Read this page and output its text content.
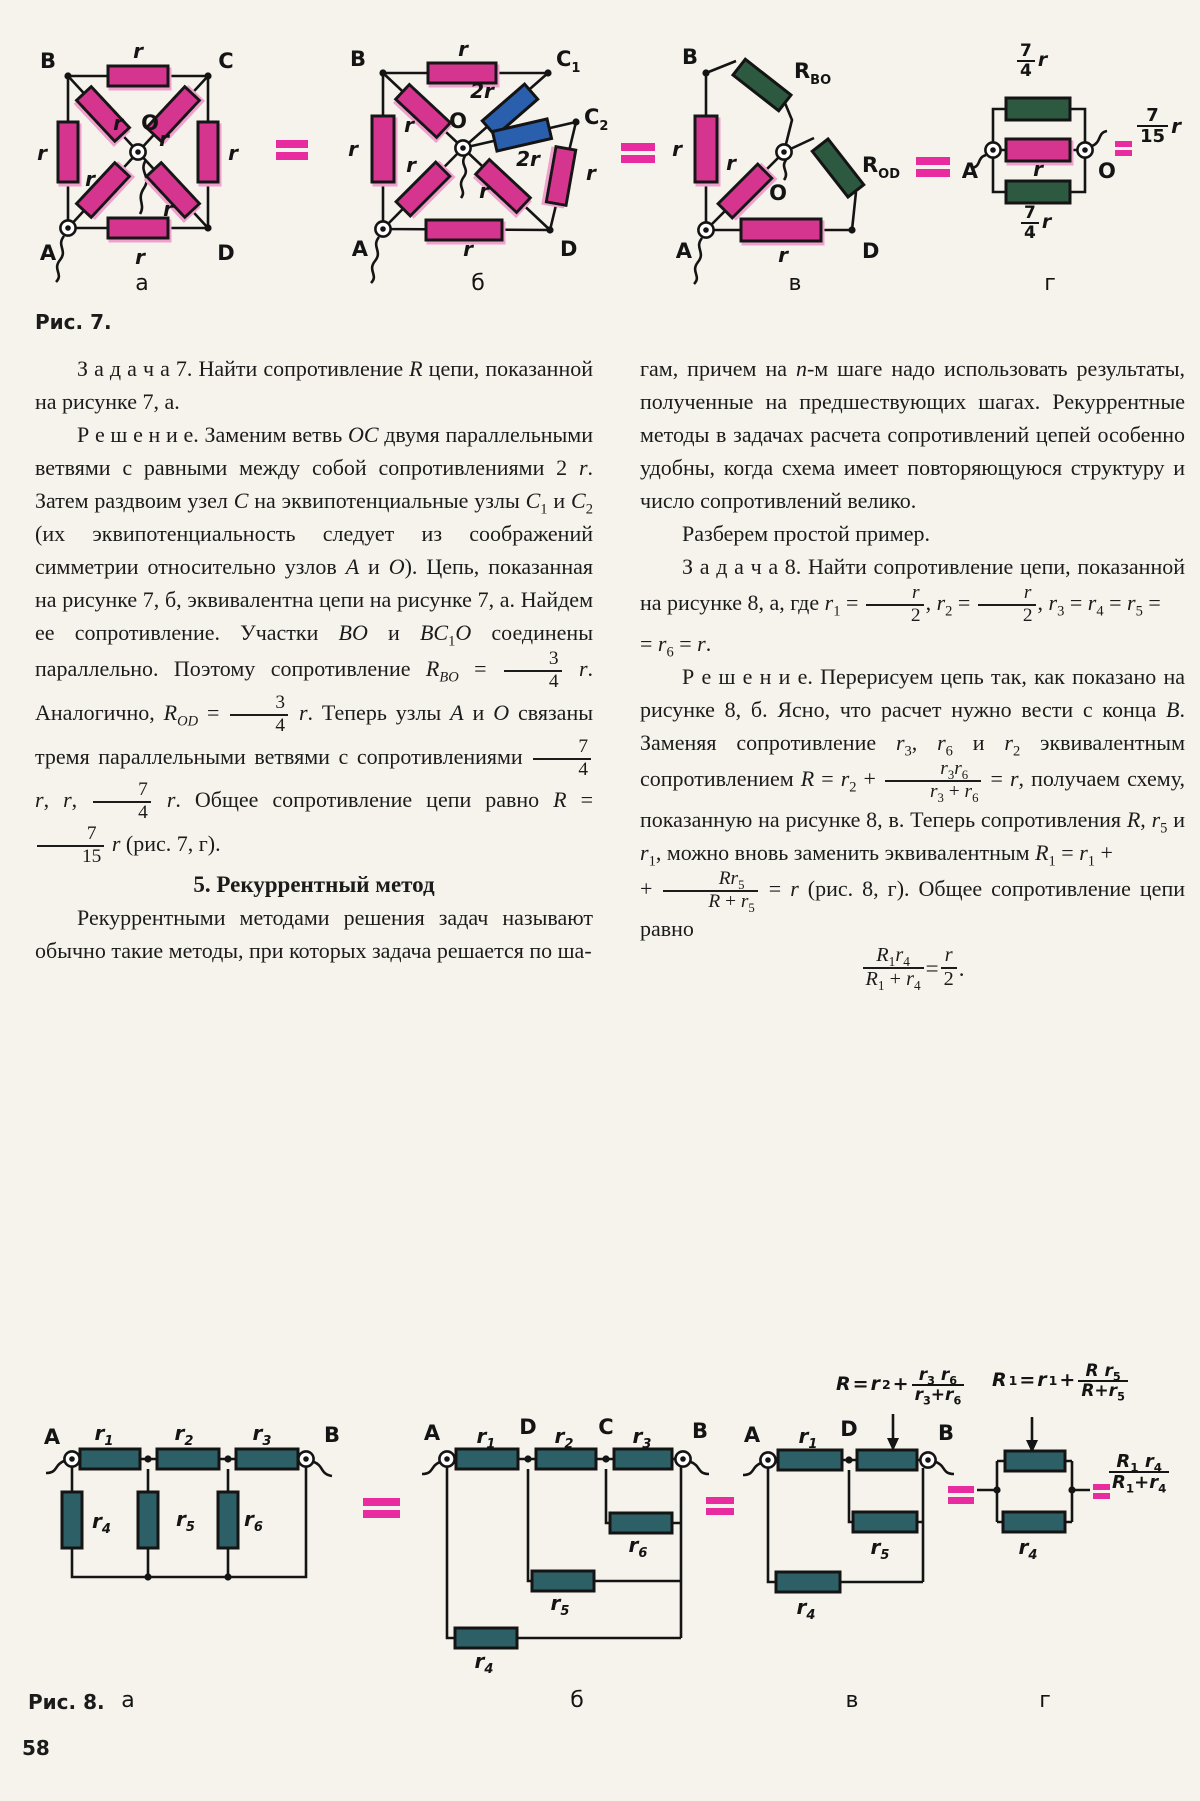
B	C
A	D
O
r
r	r
r
r
r
r
r
B	$C_1$
$C_2$
A	D
O
r
r
r
r
r
r
2r
2r
r
B
A	D
O
$R_{BO}$
$R_{OD}$
r
r
r
A	O
r
а	б	в	г
$\frac{7}{4}$ r
$\frac{7}{4}$ r
$\frac{7}{15}$ r
Рис. 7.

З а д а ч а 7. Найти сопротивление R цепи, показанной на рисунке 7, а.

Р е ш е н и е. Заменим ветвь OC двумя параллельными ветвями с равными между собой сопротивлениями 2 r. Затем раздвоим узел C на эквипотенциальные узлы $C_1$ и $C_2$ (их эквипотенциальность следует из соображений симметрии относительно узлов A и O). Цепь, показанная на рисунке 7, б, эквивалентна цепи на рисунке 7, а. Найдем ее сопротивление. Участки BO и $BC_1O$ соединены параллельно. Поэтому сопротивление $R_{BO} = \frac{3}{4} r$. Аналогично, $R_{OD} = \frac{3}{4} r$. Теперь узлы A и O связаны тремя параллельными ветвями с сопротивлениями $\frac{7}{4}$
r, r, $\frac{7}{4} r$. Общее сопротивление цепи равно R =
$\frac{7}{15}$ r (рис. 7, г).

5. Рекуррентный метод

Рекуррентными методами решения задач называют обычно такие методы, при которых задача решается по ша-

гам, причем на n-м шаге надо использовать результаты, полученные на предшествующих шагах. Рекуррентные методы в задачах расчета сопротивлений цепей особенно удобны, когда схема имеет повторяющуюся структуру и число сопротивлений велико.

Разберем простой пример.

З а д а ч а 8. Найти сопротивление цепи, показанной на рисунке 8, а, где $r_1 = \frac{r}{2}$ , $r_2 = \frac{r}{2}$ , $r_3 = r_4 = r_5$ =
= $r_6 = r$.

Р е ш е н и е. Перерисуем цепь так, как показано на рисунке 8, б. Ясно, что расчет нужно вести с конца B. Заменяя сопротивление $r_3$, $r_6$ и $r_2$ эквивалентным сопротивлением $R = r_2 + \frac{r_3r_6}{r_3 + r_6} = r$, получаем схему, показанную на рисунке 8, в. Теперь сопротивления R, $r_5$ и $r_1$, можно вновь заменить эквивалентным $R_1 = r_1$ +
+ $\frac{Rr_5}{R + r_5} = r$ (рис. 8, г). Общее сопротивление цепи равно

$\frac{R_1r_4}{R_1 + r_4} = \frac{r}{2}$ .

A	B
$r_1$	$r_2$	$r_3$
$r_4$	$r_5$ $r_6$
A	D	C	B
$r_1$	$r_2$	$r_3$
$r_6$
$r_5$
$r_4$
A	D	B
$r_1$
$r_5$
$r_4$
$r_4$
а	б	в	г
R = r $2 + \frac{r_3 r_6}{r_3+r_6}$ R 1 = r $1 + \frac{R r_5}{R+r_5}$
$\frac{R_1 r_4}{R_1+r_4}$
Рис. 8.
58
